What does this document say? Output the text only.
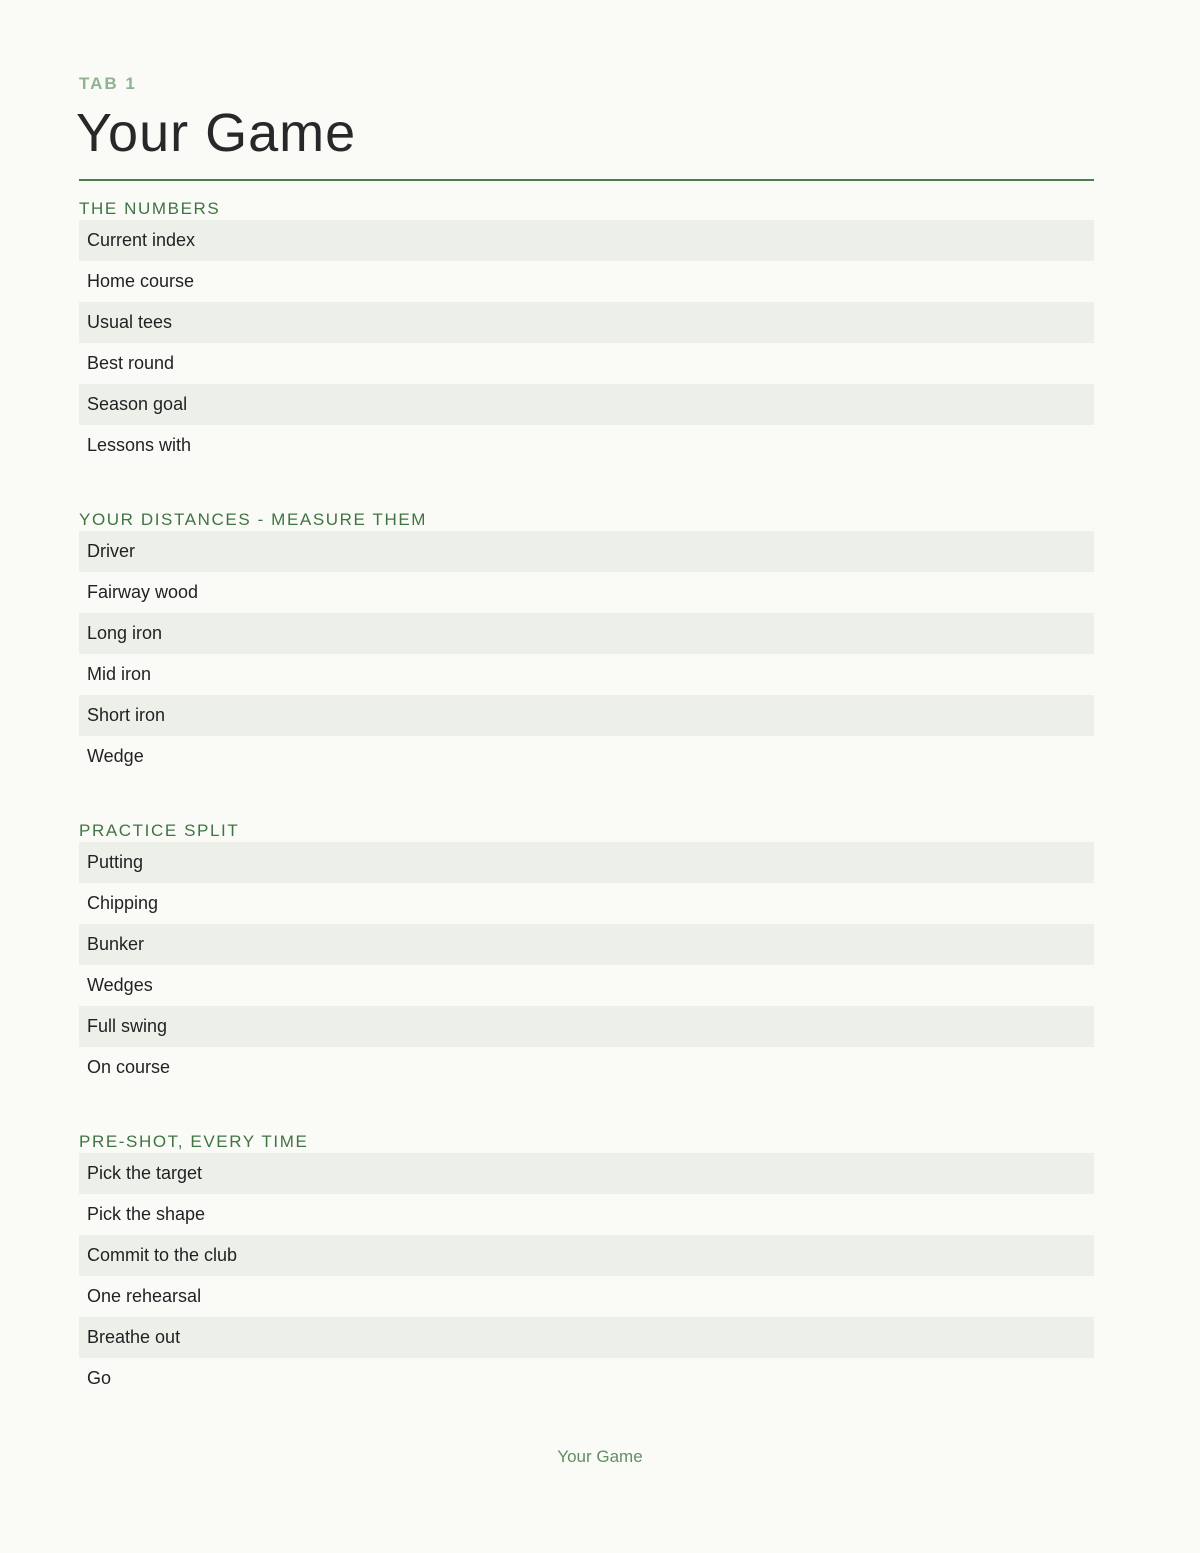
TAB 1
Your Game
THE NUMBERS
Current index
Home course
Usual tees
Best round
Season goal
Lessons with
YOUR DISTANCES - MEASURE THEM
Driver
Fairway wood
Long iron
Mid iron
Short iron
Wedge
PRACTICE SPLIT
Putting
Chipping
Bunker
Wedges
Full swing
On course
PRE-SHOT, EVERY TIME
Pick the target
Pick the shape
Commit to the club
One rehearsal
Breathe out
Go
Your Game
